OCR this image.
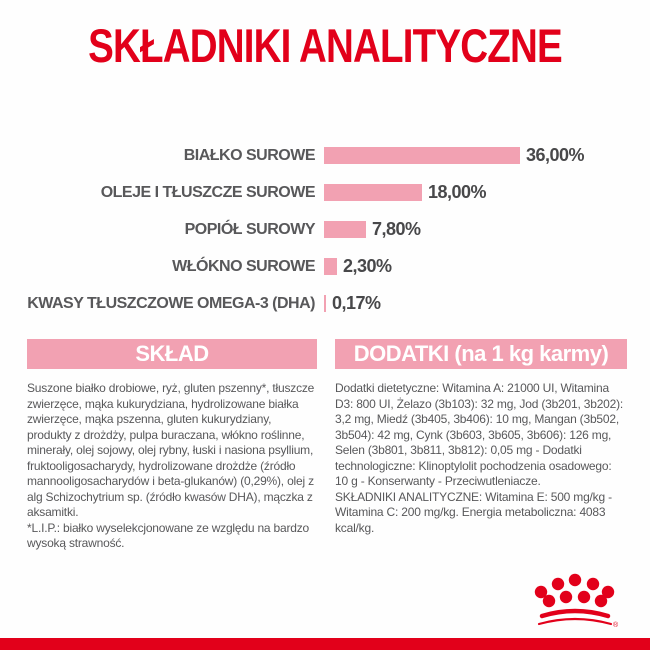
SKŁADNIKI ANALITYCZNE
BIAŁKO SUROWE	36,00%
OLEJE I TŁUSZCZE SUROWE	18,00%
POPIÓŁ SUROWY	7,80%
WŁÓKNO SUROWE 2,30%
KWASY TŁUSZCZOWE OMEGA-3 (DHA) 0,17%
SKŁAD	DODATKI (na 1 kg karmy)

Suszone białko drobiowe, ryż, gluten pszenny*, tłuszcze zwierzęce, mąka kukurydziana, hydrolizowane białka zwierzęce, mąka pszenna, gluten kukurydziany, produkty z drożdży, pulpa buraczana, włókno roślinne, minerały, olej sojowy, olej rybny, łuski i nasiona psyllium, fruktooligosacharydy, hydrolizowane drożdże (źródło mannooligosacharydów i beta-glukanów) (0,29%), olej z alg Schizochytrium sp. (źródło kwasów DHA), mączka z aksamitki.

*L.I.P.: białko wyselekcjonowane ze względu na bardzo wysoką strawność.

Dodatki dietetyczne: Witamina A: 21000 UI, Witamina D3: 800 UI, Żelazo (3b103): 32 mg, Jod (3b201, 3b202): 3,2 mg, Miedź (3b405, 3b406): 10 mg, Mangan (3b502, 3b504): 42 mg, Cynk (3b603, 3b605, 3b606): 126 mg, Selen (3b801, 3b811, 3b812): 0,05 mg - Dodatki technologiczne: Klinoptylolit pochodzenia osadowego: 10 g - Konserwanty - Przeciwutleniacze.

SKŁADNIKI ANALITYCZNE: Witamina E: 500 mg/kg - Witamina C: 200 mg/kg. Energia metaboliczna: 4083 kcal/kg.

®
